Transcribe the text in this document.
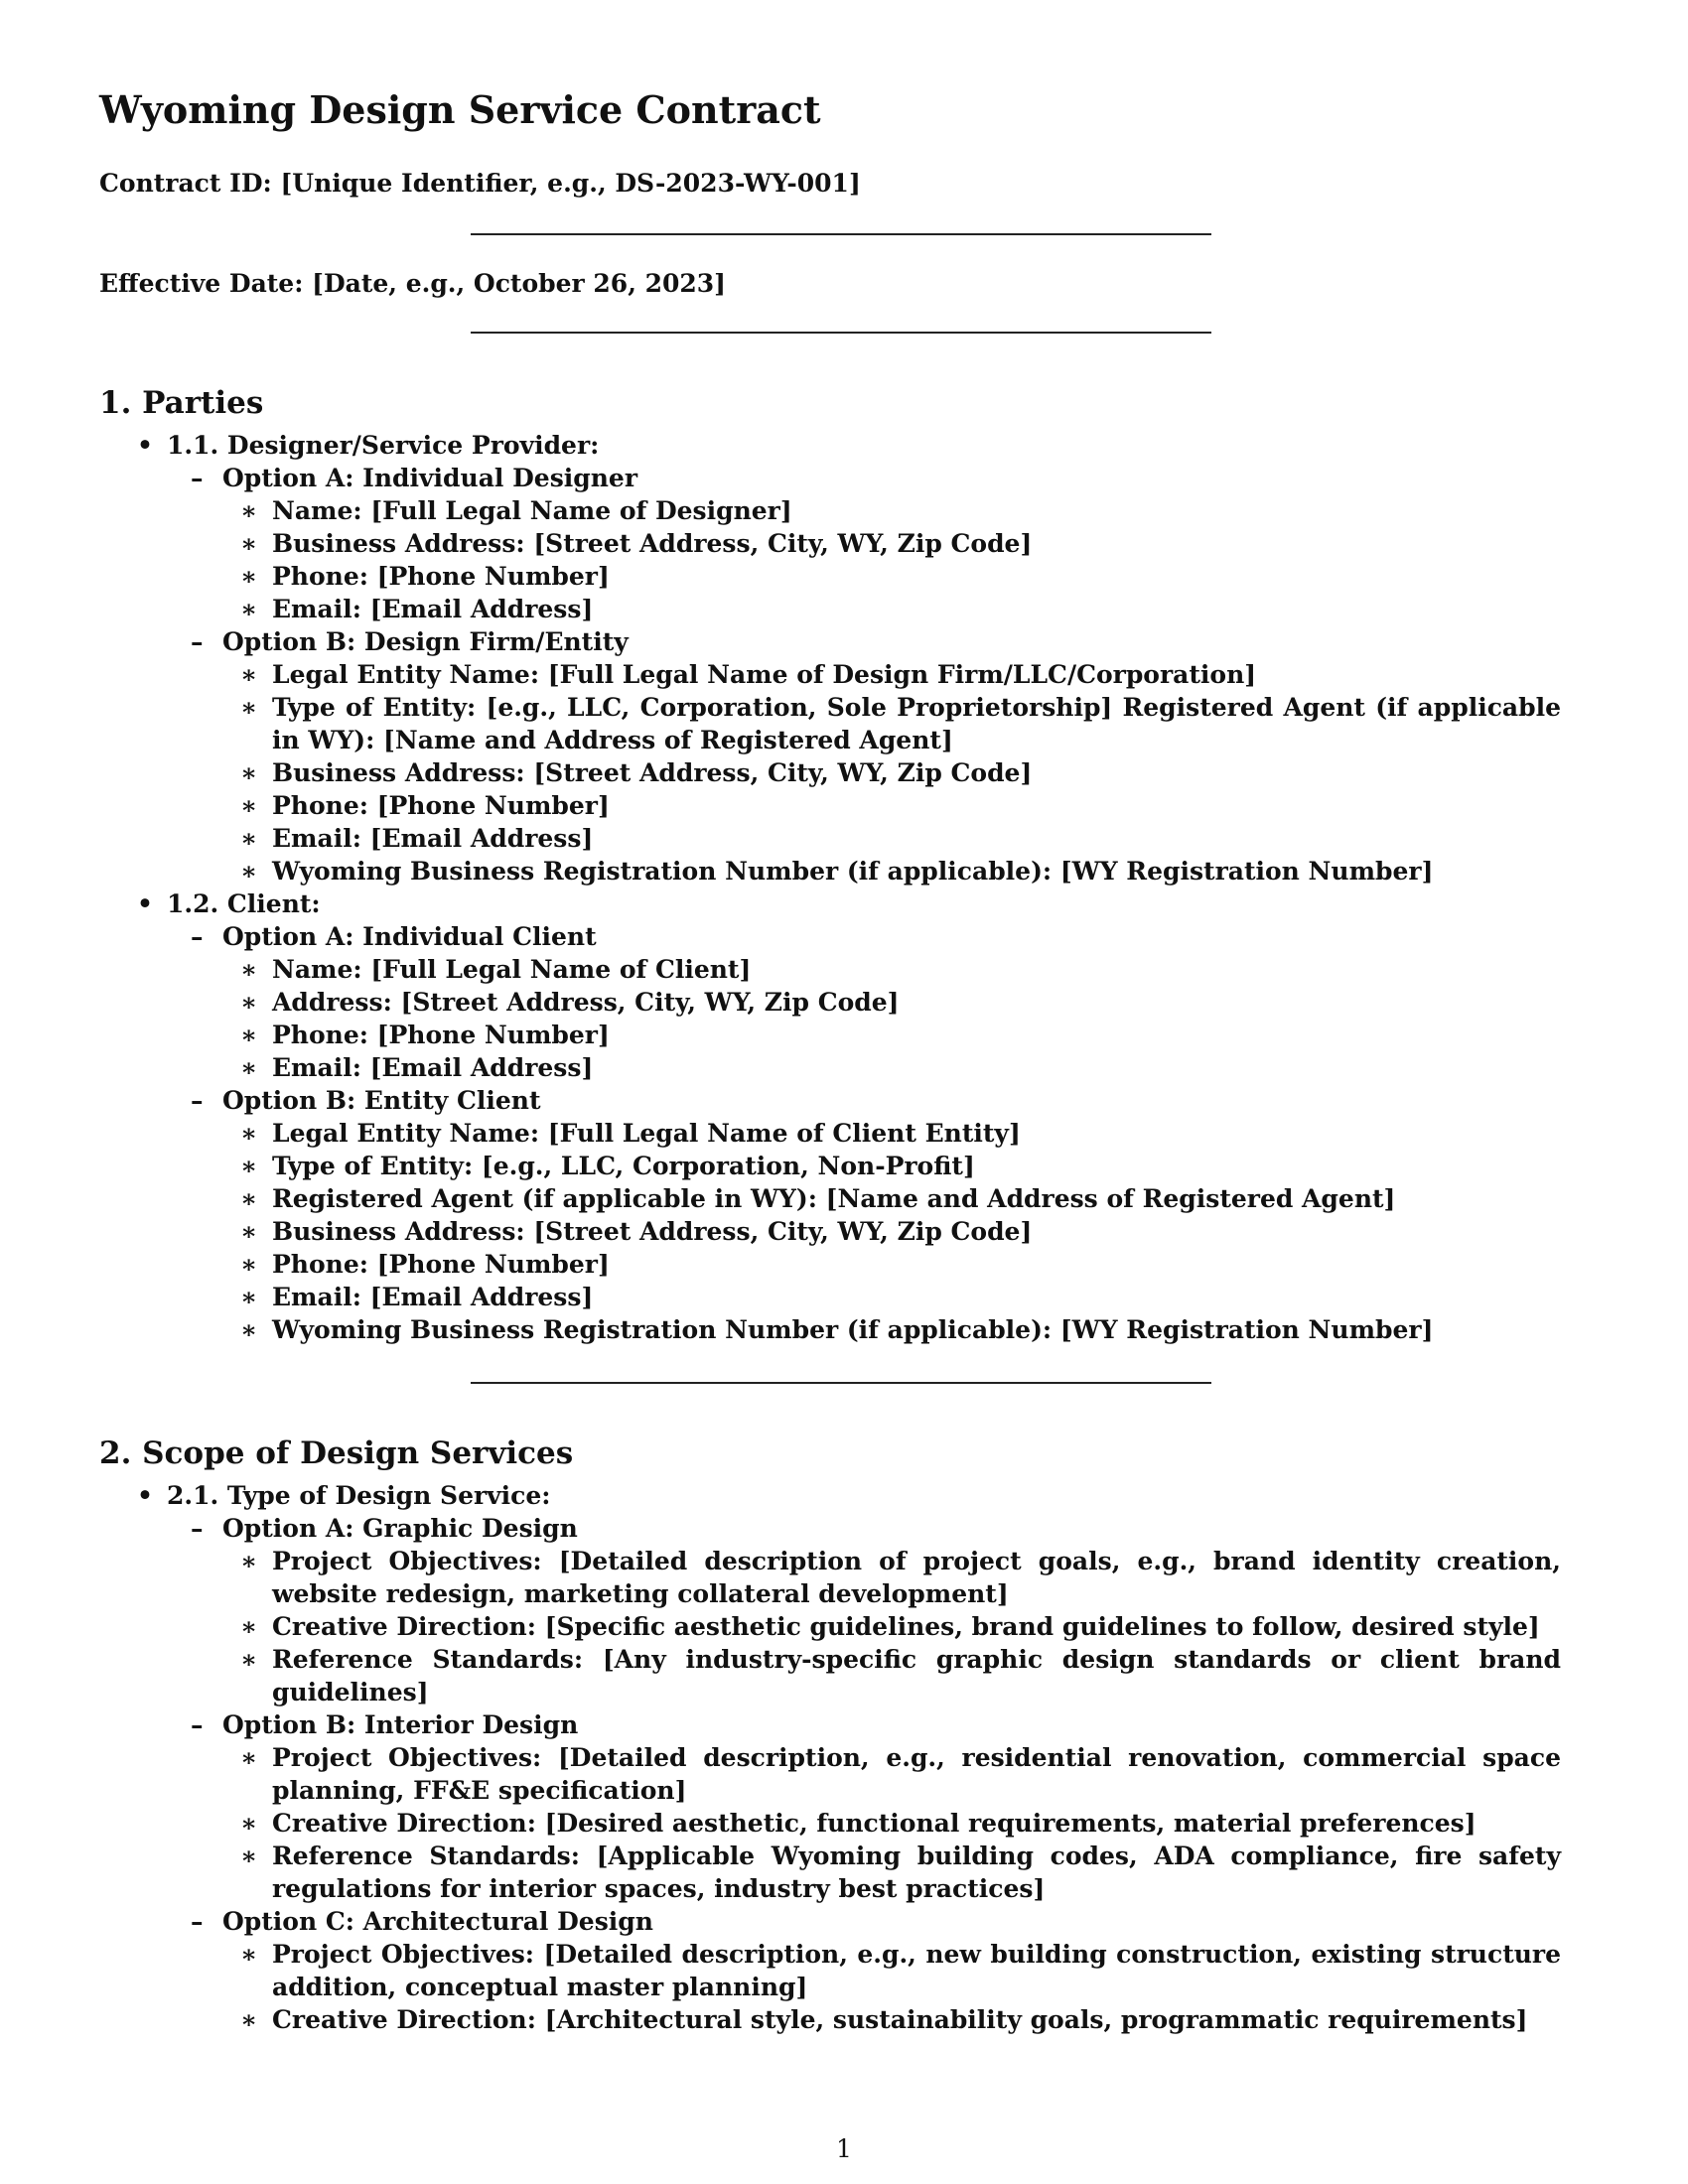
Wyoming Design Service Contract

Contract ID: [Unique Identifier, e.g., DS-2023-WY-001]

Effective Date: [Date, e.g., October 26, 2023]

1. Parties
• 1.1. Designer/Service Provider:
– Option A: Individual Designer
∗ Name: [Full Legal Name of Designer]
∗ Business Address: [Street Address, City, WY, Zip Code]
∗ Phone: [Phone Number]
∗ Email: [Email Address]
– Option B: Design Firm/Entity
∗ Legal Entity Name: [Full Legal Name of Design Firm/LLC/Corporation]
∗ Type of Entity: [e.g., LLC, Corporation, Sole Proprietorship] Registered Agent (if applicable in WY): [Name and Address of Registered Agent]
∗ Business Address: [Street Address, City, WY, Zip Code]
∗ Phone: [Phone Number]
∗ Email: [Email Address]
∗ Wyoming Business Registration Number (if applicable): [WY Registration Number]
• 1.2. Client:
– Option A: Individual Client
∗ Name: [Full Legal Name of Client]
∗ Address: [Street Address, City, WY, Zip Code]
∗ Phone: [Phone Number]
∗ Email: [Email Address]
– Option B: Entity Client
∗ Legal Entity Name: [Full Legal Name of Client Entity]
∗ Type of Entity: [e.g., LLC, Corporation, Non-Profit]
∗ Registered Agent (if applicable in WY): [Name and Address of Registered Agent]
∗ Business Address: [Street Address, City, WY, Zip Code]
∗ Phone: [Phone Number]
∗ Email: [Email Address]
∗ Wyoming Business Registration Number (if applicable): [WY Registration Number]
2. Scope of Design Services
• 2.1. Type of Design Service:
– Option A: Graphic Design
∗ Project Objectives: [Detailed description of project goals, e.g., brand identity creation, website redesign, marketing collateral development]
∗ Creative Direction: [Specific aesthetic guidelines, brand guidelines to follow, desired style]
∗ Reference Standards: [Any industry-specific graphic design standards or client brand guidelines]
– Option B: Interior Design
∗ Project Objectives: [Detailed description, e.g., residential renovation, commercial space planning, FF&E specification]
∗ Creative Direction: [Desired aesthetic, functional requirements, material preferences]
∗ Reference Standards: [Applicable Wyoming building codes, ADA compliance, fire safety regulations for interior spaces, industry best practices]
– Option C: Architectural Design
∗ Project Objectives: [Detailed description, e.g., new building construction, existing structure addition, conceptual master planning]
∗ Creative Direction: [Architectural style, sustainability goals, programmatic requirements]
1
